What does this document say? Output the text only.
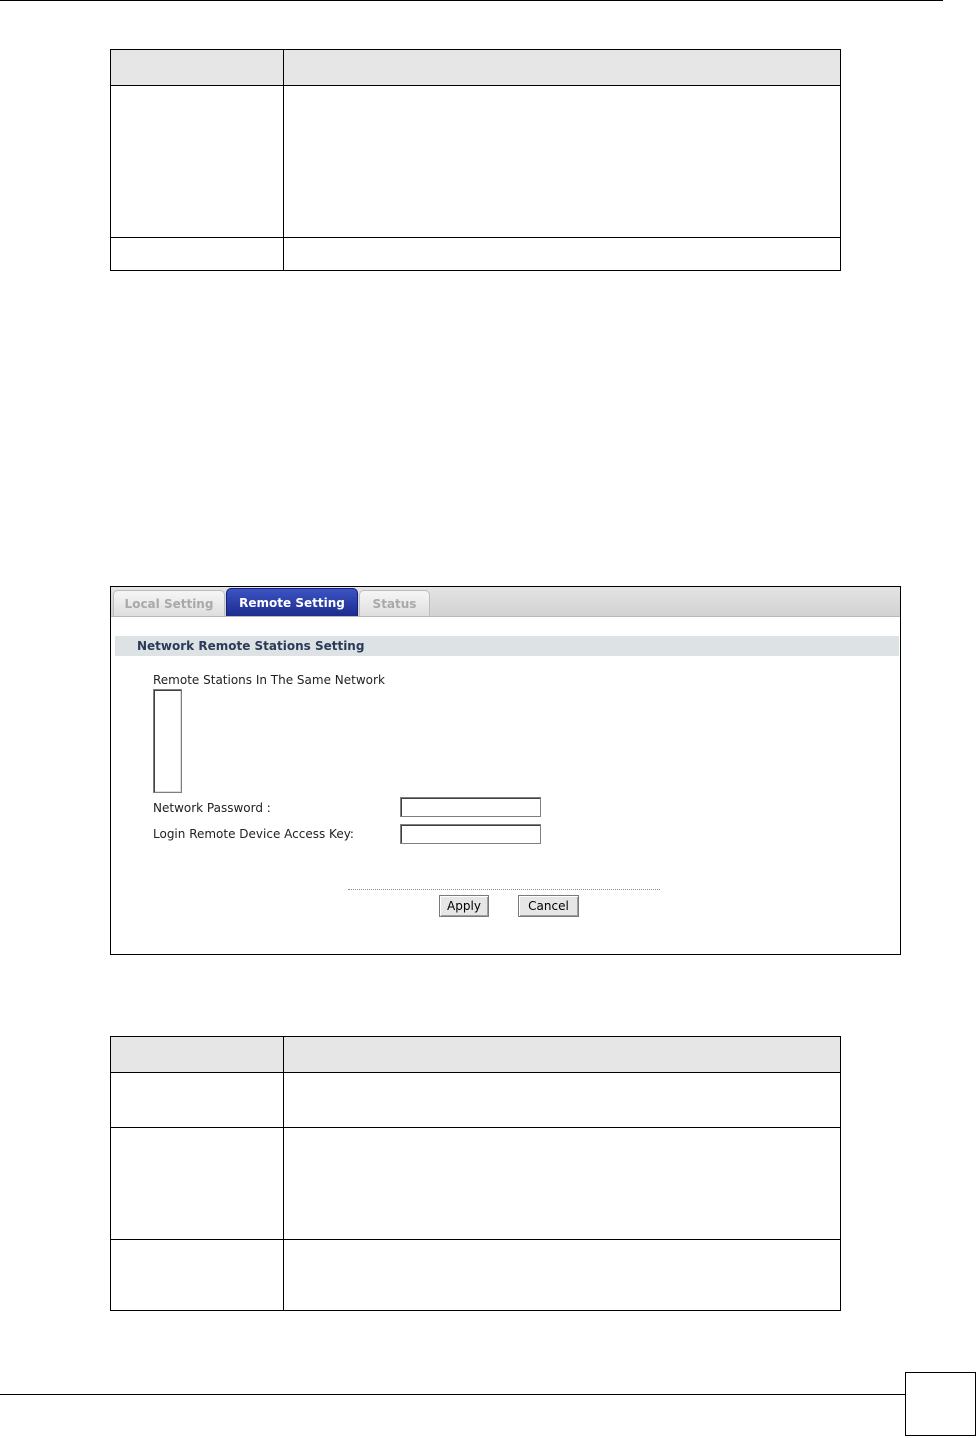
Local Setting	Remote Setting	Status
Network Remote Stations Setting
Remote Stations In The Same Network
Network Password :
Login Remote Device Access Key:
Apply	Cancel
